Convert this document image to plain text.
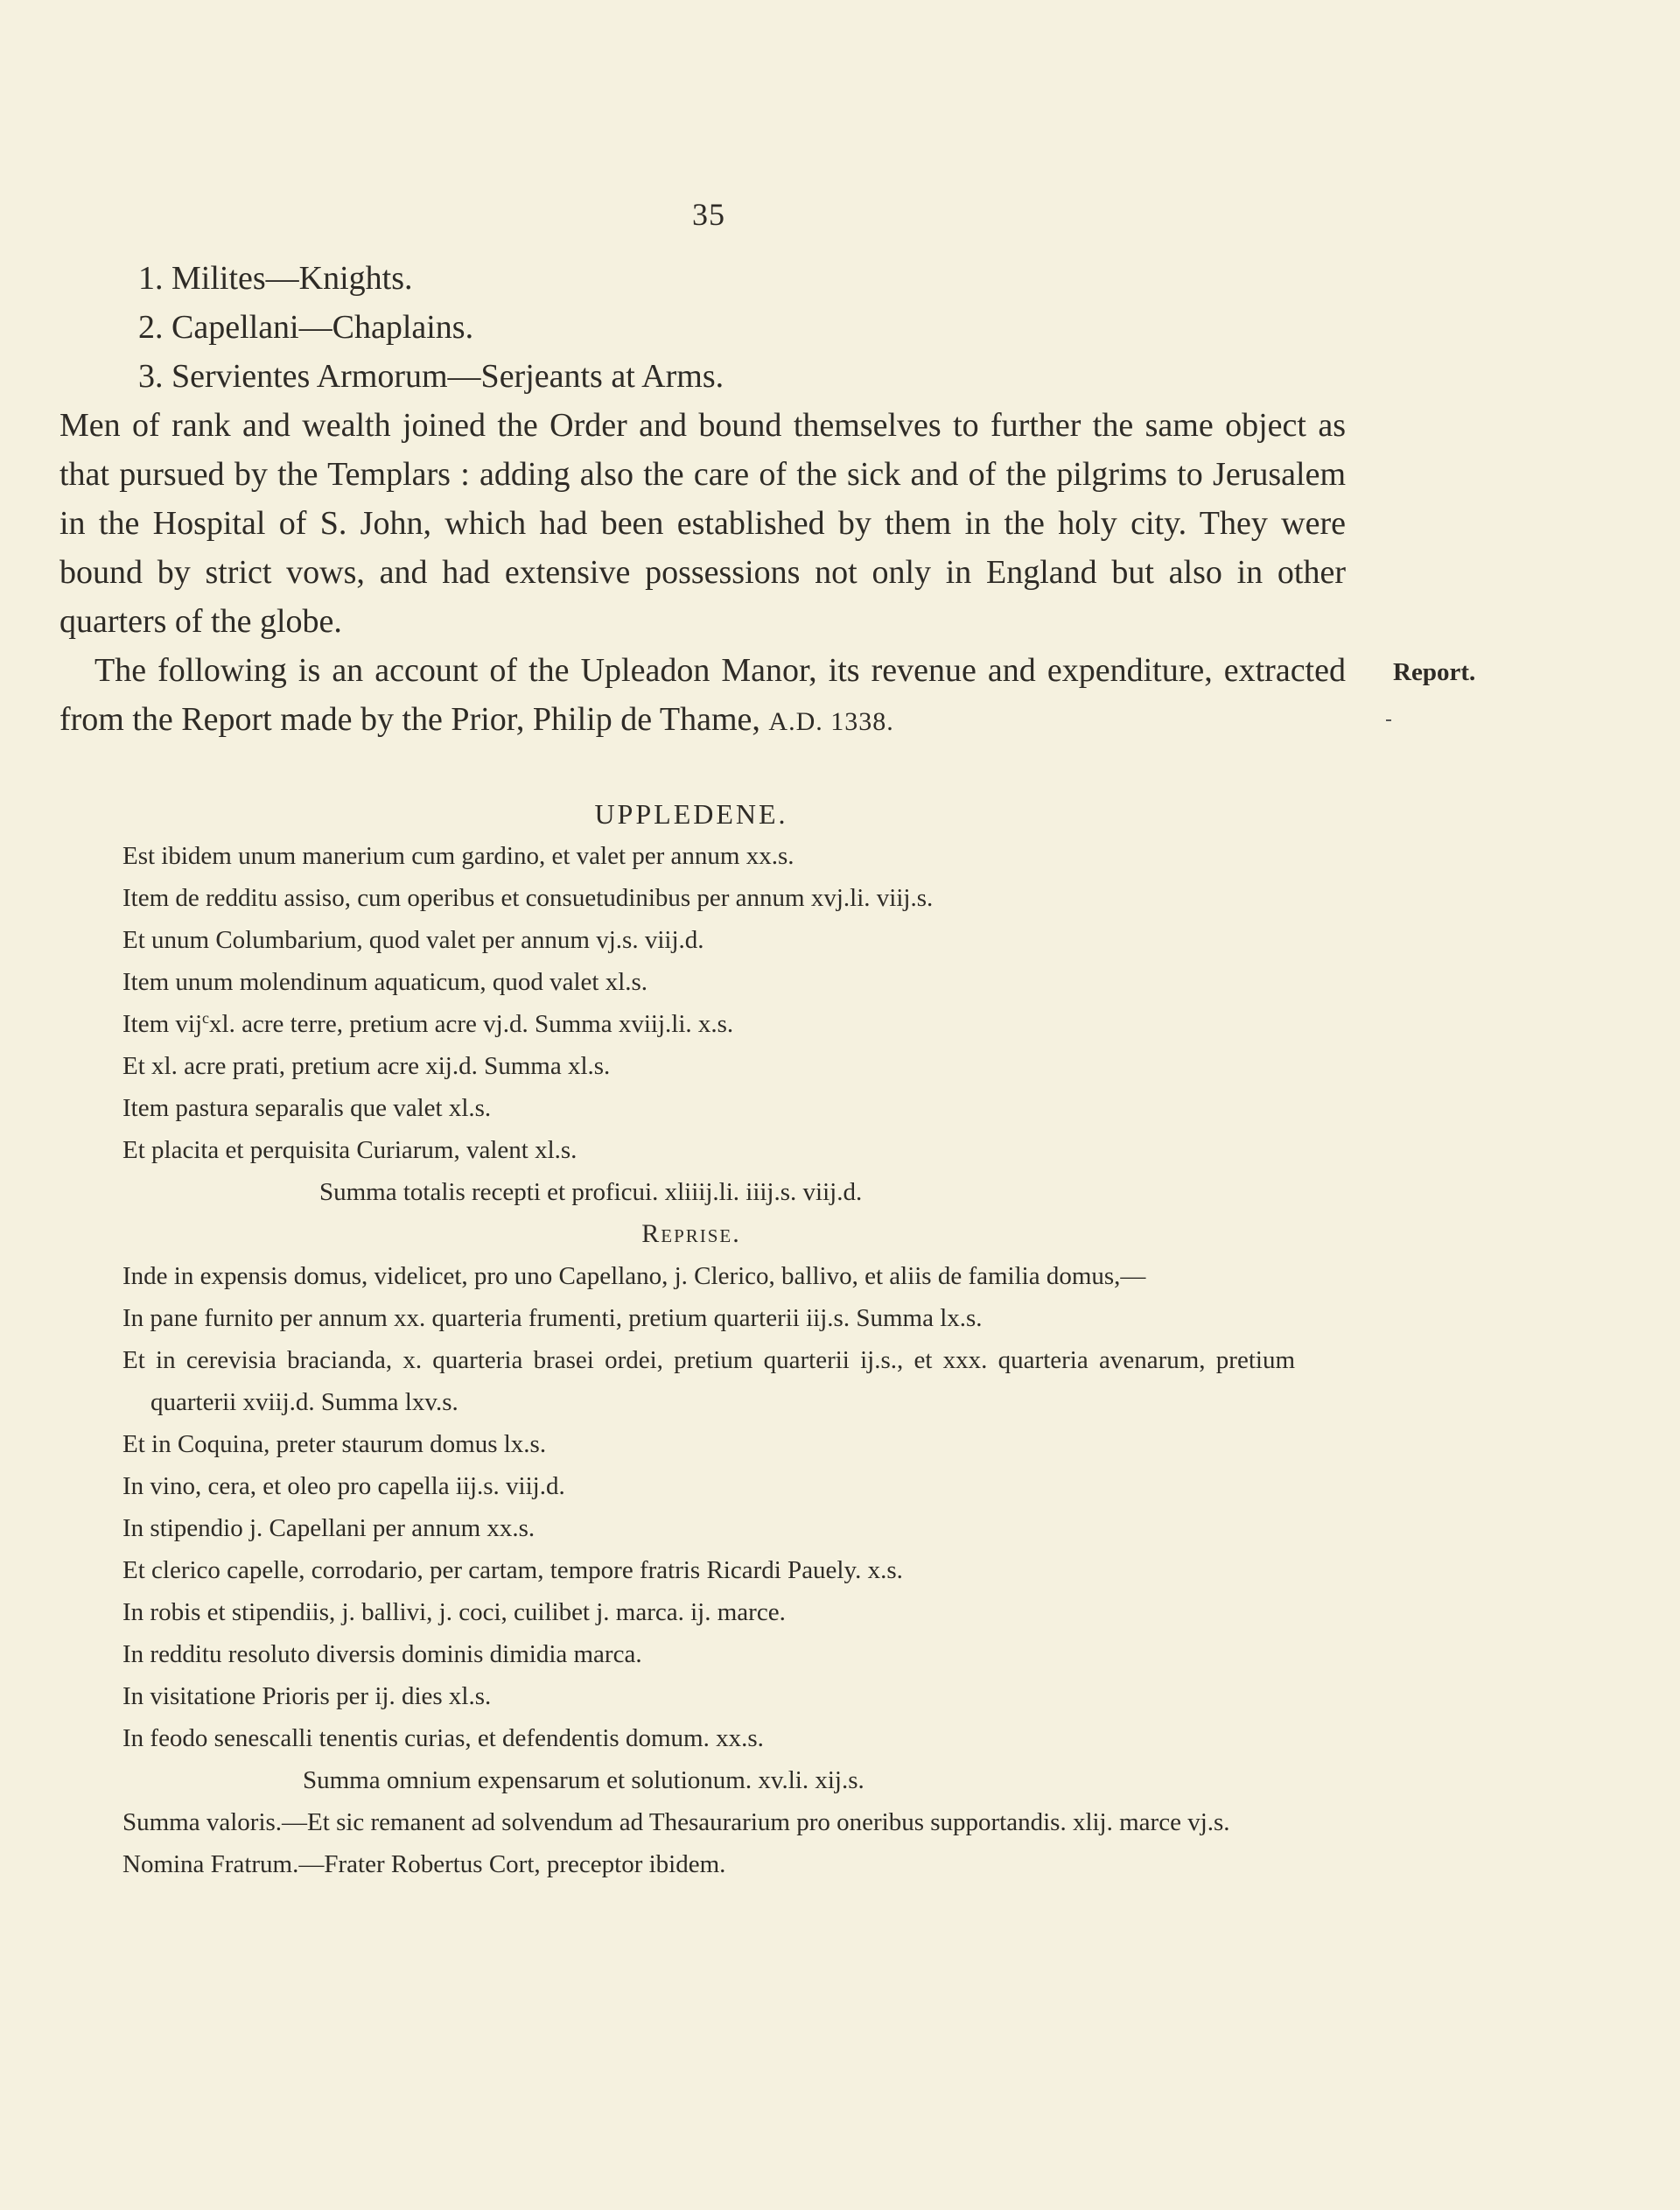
35
1. Milites—Knights.
2. Capellani—Chaplains.
3. Servientes Armorum—Serjeants at Arms.
Men of rank and wealth joined the Order and bound themselves to further the same object as that pursued by the Templars : adding also the care of the sick and of the pilgrims to Jerusalem in the Hospital of S. John, which had been established by them in the holy city. They were bound by strict vows, and had extensive possessions not only in England but also in other quarters of the globe.
The following is an account of the Upleadon Manor, its revenue and expenditure, extracted from the Report made by the Prior, Philip de Thame, A.D. 1338.
Report.
UPPLEDENE.
Est ibidem unum manerium cum gardino, et valet per annum xx.s.
Item de redditu assiso, cum operibus et consuetudinibus per annum xvj.li. viij.s.
Et unum Columbarium, quod valet per annum vj.s. viij.d.
Item unum molendinum aquaticum, quod valet xl.s.
Item vij$^c$xl. acre terre, pretium acre vj.d. Summa xviij.li. x.s.
Et xl. acre prati, pretium acre xij.d. Summa xl.s.
Item pastura separalis que valet xl.s.
Et placita et perquisita Curiarum, valent xl.s.
Summa totalis recepti et proficui. xliiij.li. iiij.s. viij.d.
Reprise.
Inde in expensis domus, videlicet, pro uno Capellano, j. Clerico, ballivo, et aliis de familia domus,—
In pane furnito per annum xx. quarteria frumenti, pretium quarterii iij.s. Summa lx.s.
Et in cerevisia bracianda, x. quarteria brasei ordei, pretium quarterii ij.s., et xxx. quarteria avenarum, pretium quarterii xviij.d. Summa lxv.s.
Et in Coquina, preter staurum domus lx.s.
In vino, cera, et oleo pro capella iij.s. viij.d.
In stipendio j. Capellani per annum xx.s.
Et clerico capelle, corrodario, per cartam, tempore fratris Ricardi Pauely. x.s.
In robis et stipendiis, j. ballivi, j. coci, cuilibet j. marca. ij. marce.
In redditu resoluto diversis dominis dimidia marca.
In visitatione Prioris per ij. dies xl.s.
In feodo senescalli tenentis curias, et defendentis domum. xx.s.
Summa omnium expensarum et solutionum. xv.li. xij.s.
Summa valoris.—Et sic remanent ad solvendum ad Thesaurarium pro oneribus supportandis. xlij. marce vj.s.
Nomina Fratrum.—Frater Robertus Cort, preceptor ibidem.
